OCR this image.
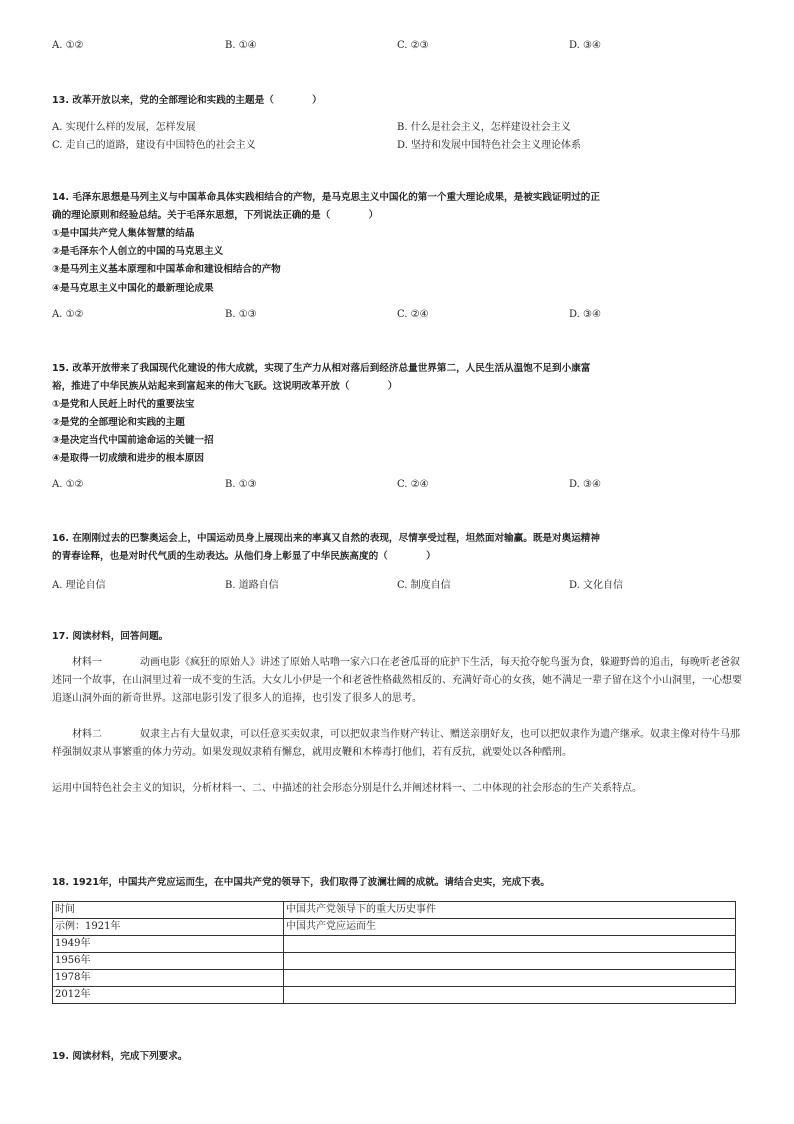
A. ①②	B. ①④	C. ②③	D. ③④
13. 改革开放以来，党的全部理论和实践的主题是（　　　　）
A. 实现什么样的发展，怎样发展	B. 什么是社会主义，怎样建设社会主义
C. 走自己的道路，建设有中国特色的社会主义	D. 坚持和发展中国特色社会主义理论体系
14. 毛泽东思想是马列主义与中国革命具体实践相结合的产物，是马克思主义中国化的第一个重大理论成果，是被实践证明过的正
确的理论原则和经验总结。关于毛泽东思想，下列说法正确的是（　　　　）
①是中国共产党人集体智慧的结晶
②是毛泽东个人创立的中国的马克思主义
③是马列主义基本原理和中国革命和建设相结合的产物
④是马克思主义中国化的最新理论成果
A. ①②	B. ①③	C. ②④	D. ③④
15. 改革开放带来了我国现代化建设的伟大成就，实现了生产力从相对落后到经济总量世界第二，人民生活从温饱不足到小康富
裕，推进了中华民族从站起来到富起来的伟大飞跃。这说明改革开放（　　　　）
①是党和人民赶上时代的重要法宝
②是党的全部理论和实践的主题
③是决定当代中国前途命运的关键一招
④是取得一切成绩和进步的根本原因
A. ①②	B. ①③	C. ②④	D. ③④
16. 在刚刚过去的巴黎奥运会上，中国运动员身上展现出来的率真又自然的表现，尽情享受过程，坦然面对输赢。既是对奥运精神
的青春诠释，也是对时代气质的生动表达。从他们身上彰显了中华民族高度的（　　　　）
A. 理论自信	B. 道路自信	C. 制度自信	D. 文化自信
17. 阅读材料，回答问题。
材料一	动画电影《疯狂的原始人》讲述了原始人咕噜一家六口在老爸瓜哥的庇护下生活，每天抢夺鸵鸟蛋为食，躲避野兽的追击，每晚听老爸叙述同一个故事，在山洞里过着一成不变的生活。大女儿小伊是一个和老爸性格截然相反的、充满好奇心的女孩，她不满足一辈子留在这个小山洞里，一心想要追逐山洞外面的新奇世界。这部电影引发了很多人的追捧，也引发了很多人的思考。
材料二	奴隶主占有大量奴隶，可以任意买卖奴隶，可以把奴隶当作财产转让、赠送亲朋好友，也可以把奴隶作为遗产继承。奴隶主像对待牛马那样强制奴隶从事繁重的体力劳动。如果发现奴隶稍有懈怠，就用皮鞭和木棒毒打他们，若有反抗，就要处以各种酷刑。
运用中国特色社会主义的知识，分析材料一、二、中描述的社会形态分别是什么并阐述材料一、二中体现的社会形态的生产关系特点。
18. 1921年，中国共产党应运而生，在中国共产党的领导下，我们取得了波澜壮阔的成就。请结合史实，完成下表。
时间	中国共产党领导下的重大历史事件
示例：1921年	中国共产党应运而生
1949年	
1956年	
1978年	
2012年	
19. 阅读材料，完成下列要求。
